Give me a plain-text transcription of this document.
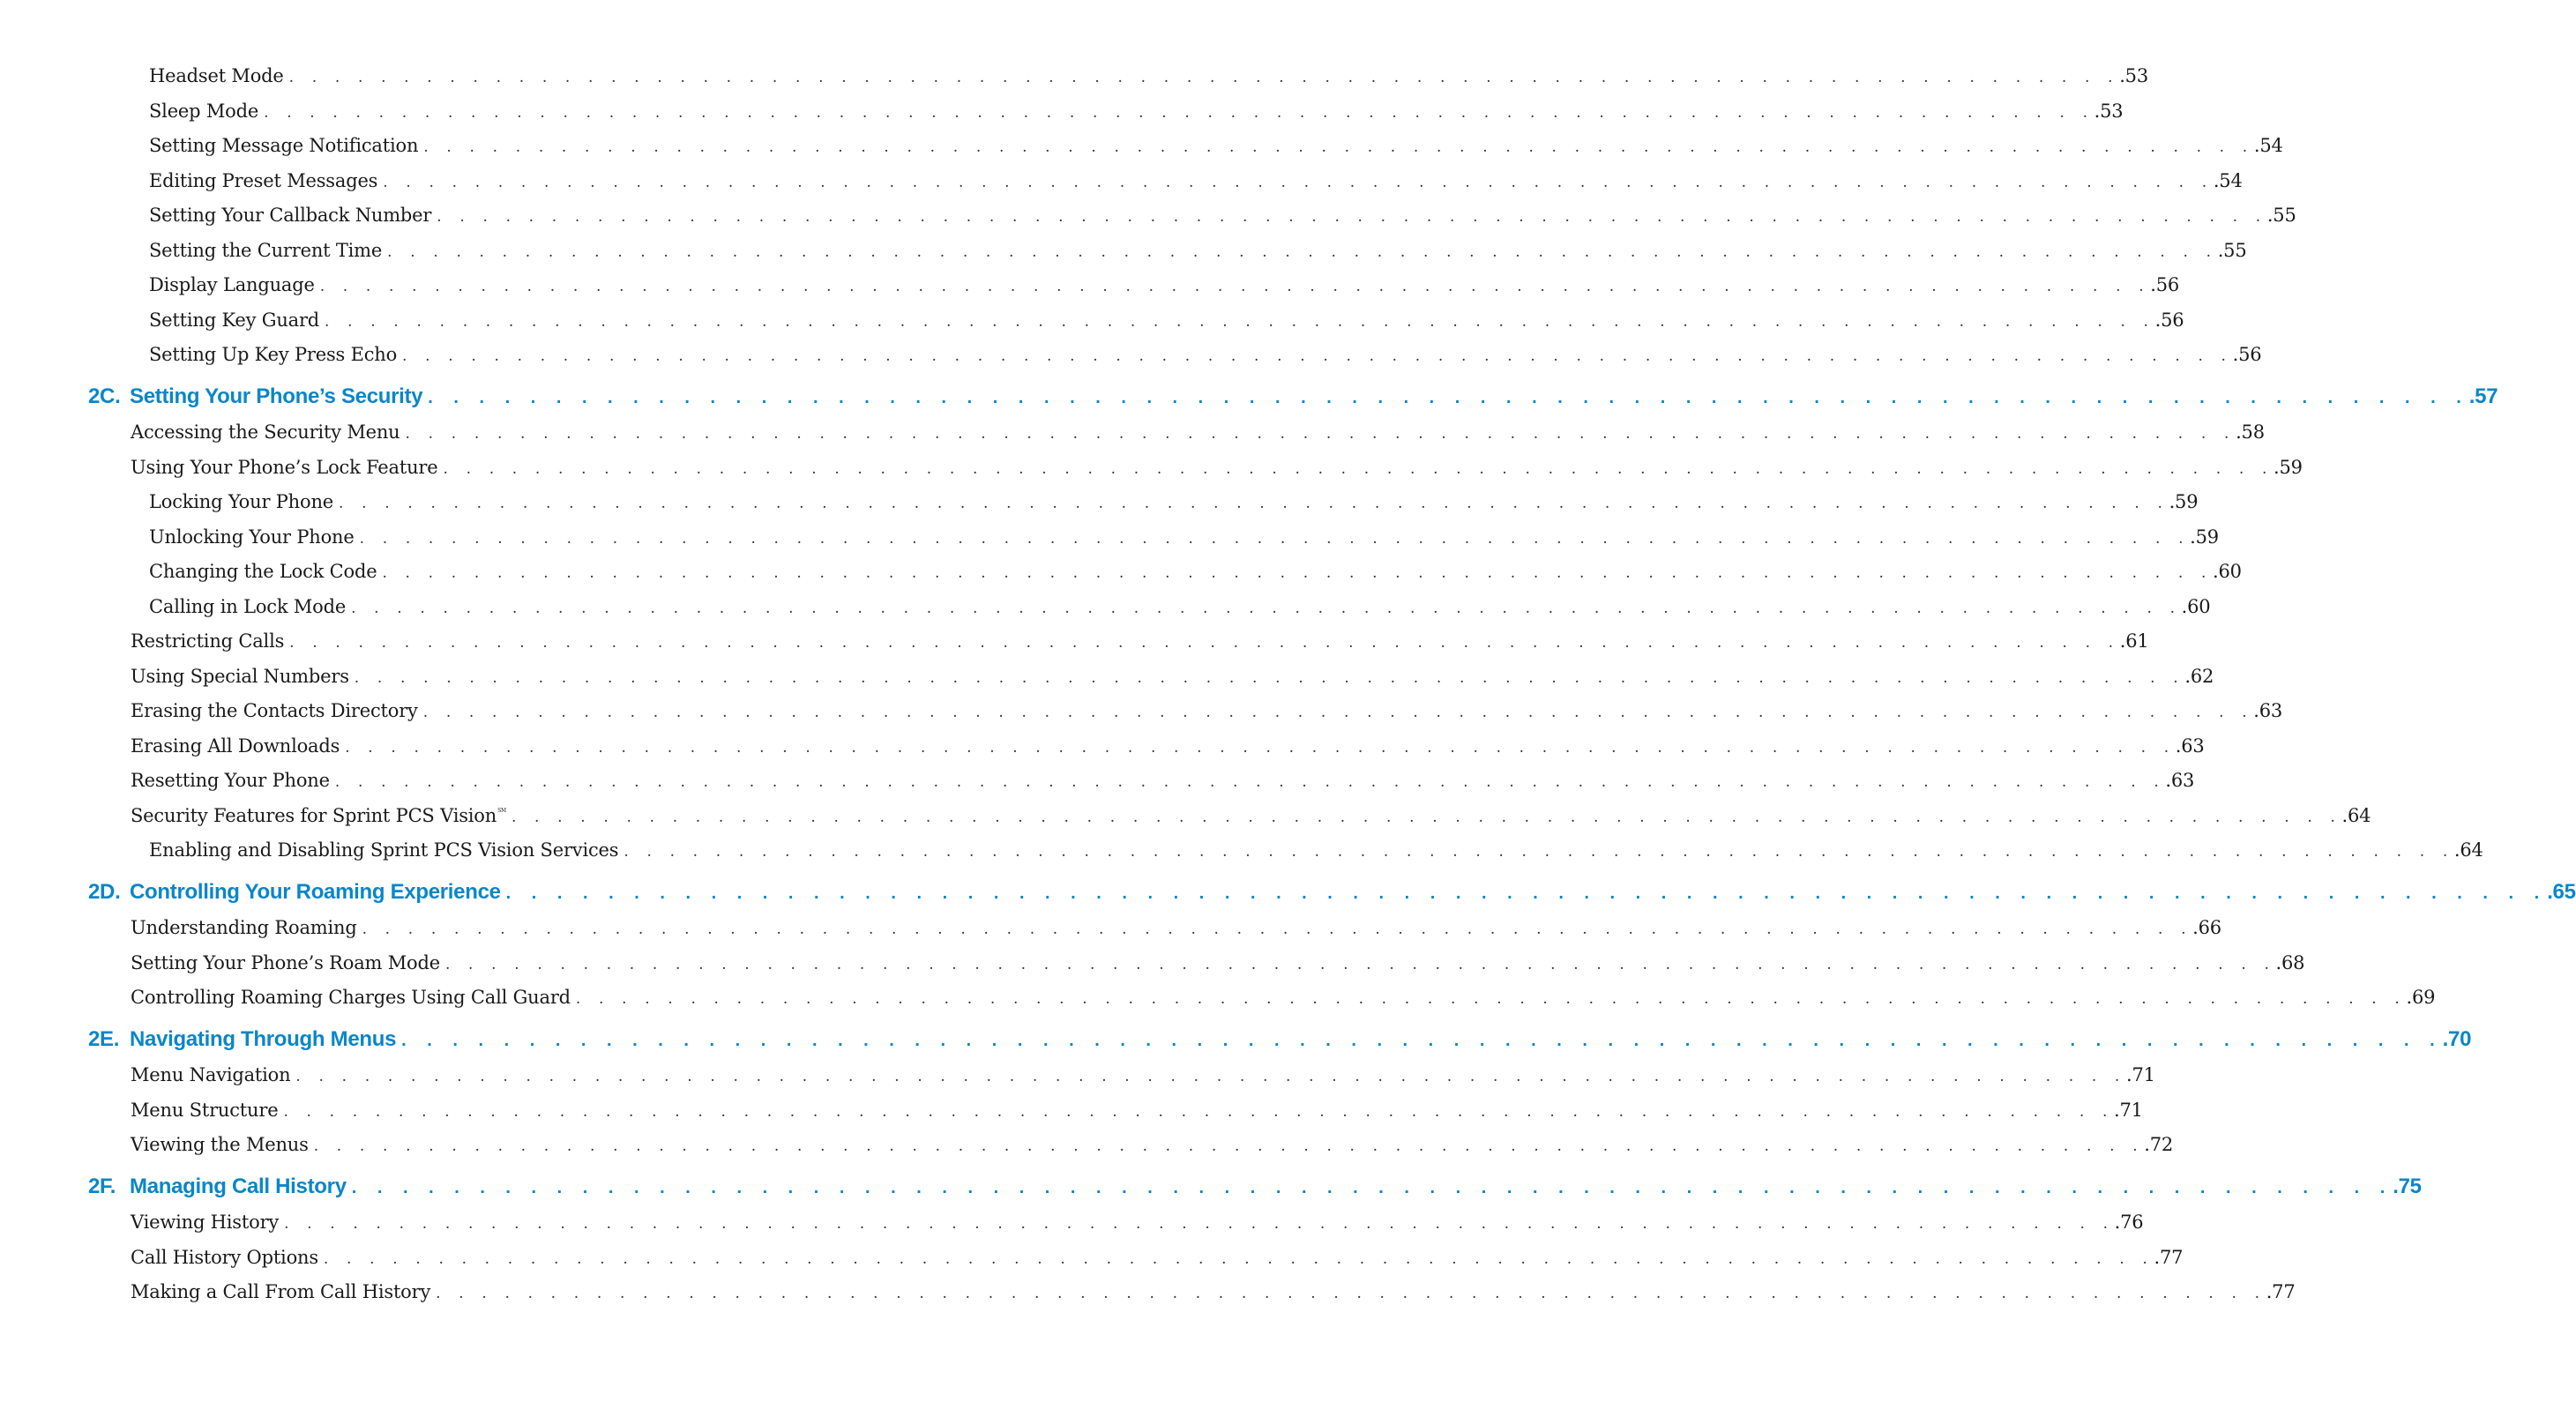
Headset Mode . . . . . . . . . . . . . . . . . . . . . . . . . . . . . . . . . . . . . . . . . . . . . . . . . . . . . . . . . . . . . . . . . . . . . . . . . . . . . . . . .53
Sleep Mode . . . . . . . . . . . . . . . . . . . . . . . . . . . . . . . . . . . . . . . . . . . . . . . . . . . . . . . . . . . . . . . . . . . . . . . . . . . . . . . . .53
Setting Message Notification . . . . . . . . . . . . . . . . . . . . . . . . . . . . . . . . . . . . . . . . . . . . . . . . . . . . . . . . . . . . . . . . . . . . . . . . . . . . . . . . .54
Editing Preset Messages . . . . . . . . . . . . . . . . . . . . . . . . . . . . . . . . . . . . . . . . . . . . . . . . . . . . . . . . . . . . . . . . . . . . . . . . . . . . . . . . .54
Setting Your Callback Number . . . . . . . . . . . . . . . . . . . . . . . . . . . . . . . . . . . . . . . . . . . . . . . . . . . . . . . . . . . . . . . . . . . . . . . . . . . . . . . . .55
Setting the Current Time . . . . . . . . . . . . . . . . . . . . . . . . . . . . . . . . . . . . . . . . . . . . . . . . . . . . . . . . . . . . . . . . . . . . . . . . . . . . . . . . .55
Display Language . . . . . . . . . . . . . . . . . . . . . . . . . . . . . . . . . . . . . . . . . . . . . . . . . . . . . . . . . . . . . . . . . . . . . . . . . . . . . . . . .56
Setting Key Guard . . . . . . . . . . . . . . . . . . . . . . . . . . . . . . . . . . . . . . . . . . . . . . . . . . . . . . . . . . . . . . . . . . . . . . . . . . . . . . . . .56
Setting Up Key Press Echo . . . . . . . . . . . . . . . . . . . . . . . . . . . . . . . . . . . . . . . . . . . . . . . . . . . . . . . . . . . . . . . . . . . . . . . . . . . . . . . . .56
2C. Setting Your Phone’s Security . . . . . . . . . . . . . . . . . . . . . . . . . . . . . . . . . . . . . . . . . . . . . . . . . . . . . . . . . . . . . . . . . . . . . . . . . . . . . . . . .57
Accessing the Security Menu . . . . . . . . . . . . . . . . . . . . . . . . . . . . . . . . . . . . . . . . . . . . . . . . . . . . . . . . . . . . . . . . . . . . . . . . . . . . . . . . .58
Using Your Phone’s Lock Feature . . . . . . . . . . . . . . . . . . . . . . . . . . . . . . . . . . . . . . . . . . . . . . . . . . . . . . . . . . . . . . . . . . . . . . . . . . . . . . . . .59
Locking Your Phone . . . . . . . . . . . . . . . . . . . . . . . . . . . . . . . . . . . . . . . . . . . . . . . . . . . . . . . . . . . . . . . . . . . . . . . . . . . . . . . . .59
Unlocking Your Phone . . . . . . . . . . . . . . . . . . . . . . . . . . . . . . . . . . . . . . . . . . . . . . . . . . . . . . . . . . . . . . . . . . . . . . . . . . . . . . . . .59
Changing the Lock Code . . . . . . . . . . . . . . . . . . . . . . . . . . . . . . . . . . . . . . . . . . . . . . . . . . . . . . . . . . . . . . . . . . . . . . . . . . . . . . . . .60
Calling in Lock Mode . . . . . . . . . . . . . . . . . . . . . . . . . . . . . . . . . . . . . . . . . . . . . . . . . . . . . . . . . . . . . . . . . . . . . . . . . . . . . . . . .60
Restricting Calls . . . . . . . . . . . . . . . . . . . . . . . . . . . . . . . . . . . . . . . . . . . . . . . . . . . . . . . . . . . . . . . . . . . . . . . . . . . . . . . . .61
Using Special Numbers . . . . . . . . . . . . . . . . . . . . . . . . . . . . . . . . . . . . . . . . . . . . . . . . . . . . . . . . . . . . . . . . . . . . . . . . . . . . . . . . .62
Erasing the Contacts Directory . . . . . . . . . . . . . . . . . . . . . . . . . . . . . . . . . . . . . . . . . . . . . . . . . . . . . . . . . . . . . . . . . . . . . . . . . . . . . . . . .63
Erasing All Downloads . . . . . . . . . . . . . . . . . . . . . . . . . . . . . . . . . . . . . . . . . . . . . . . . . . . . . . . . . . . . . . . . . . . . . . . . . . . . . . . . .63
Resetting Your Phone . . . . . . . . . . . . . . . . . . . . . . . . . . . . . . . . . . . . . . . . . . . . . . . . . . . . . . . . . . . . . . . . . . . . . . . . . . . . . . . . .63
Security Features for Sprint PCS Vision℠ . . . . . . . . . . . . . . . . . . . . . . . . . . . . . . . . . . . . . . . . . . . . . . . . . . . . . . . . . . . . . . . . . . . . . . . . . . . . . . . . .64
Enabling and Disabling Sprint PCS Vision Services . . . . . . . . . . . . . . . . . . . . . . . . . . . . . . . . . . . . . . . . . . . . . . . . . . . . . . . . . . . . . . . . . . . . . . . . . . . . . . . . .64
2D. Controlling Your Roaming Experience . . . . . . . . . . . . . . . . . . . . . . . . . . . . . . . . . . . . . . . . . . . . . . . . . . . . . . . . . . . . . . . . . . . . . . . . . . . . . . . . .65
Understanding Roaming . . . . . . . . . . . . . . . . . . . . . . . . . . . . . . . . . . . . . . . . . . . . . . . . . . . . . . . . . . . . . . . . . . . . . . . . . . . . . . . . .66
Setting Your Phone’s Roam Mode . . . . . . . . . . . . . . . . . . . . . . . . . . . . . . . . . . . . . . . . . . . . . . . . . . . . . . . . . . . . . . . . . . . . . . . . . . . . . . . . .68
Controlling Roaming Charges Using Call Guard . . . . . . . . . . . . . . . . . . . . . . . . . . . . . . . . . . . . . . . . . . . . . . . . . . . . . . . . . . . . . . . . . . . . . . . . . . . . . . . . .69
2E. Navigating Through Menus . . . . . . . . . . . . . . . . . . . . . . . . . . . . . . . . . . . . . . . . . . . . . . . . . . . . . . . . . . . . . . . . . . . . . . . . . . . . . . . . .70
Menu Navigation . . . . . . . . . . . . . . . . . . . . . . . . . . . . . . . . . . . . . . . . . . . . . . . . . . . . . . . . . . . . . . . . . . . . . . . . . . . . . . . . .71
Menu Structure . . . . . . . . . . . . . . . . . . . . . . . . . . . . . . . . . . . . . . . . . . . . . . . . . . . . . . . . . . . . . . . . . . . . . . . . . . . . . . . . .71
Viewing the Menus . . . . . . . . . . . . . . . . . . . . . . . . . . . . . . . . . . . . . . . . . . . . . . . . . . . . . . . . . . . . . . . . . . . . . . . . . . . . . . . . .72
2F. Managing Call History . . . . . . . . . . . . . . . . . . . . . . . . . . . . . . . . . . . . . . . . . . . . . . . . . . . . . . . . . . . . . . . . . . . . . . . . . . . . . . . . .75
Viewing History . . . . . . . . . . . . . . . . . . . . . . . . . . . . . . . . . . . . . . . . . . . . . . . . . . . . . . . . . . . . . . . . . . . . . . . . . . . . . . . . .76
Call History Options . . . . . . . . . . . . . . . . . . . . . . . . . . . . . . . . . . . . . . . . . . . . . . . . . . . . . . . . . . . . . . . . . . . . . . . . . . . . . . . . .77
Making a Call From Call History . . . . . . . . . . . . . . . . . . . . . . . . . . . . . . . . . . . . . . . . . . . . . . . . . . . . . . . . . . . . . . . . . . . . . . . . . . . . . . . . .77
